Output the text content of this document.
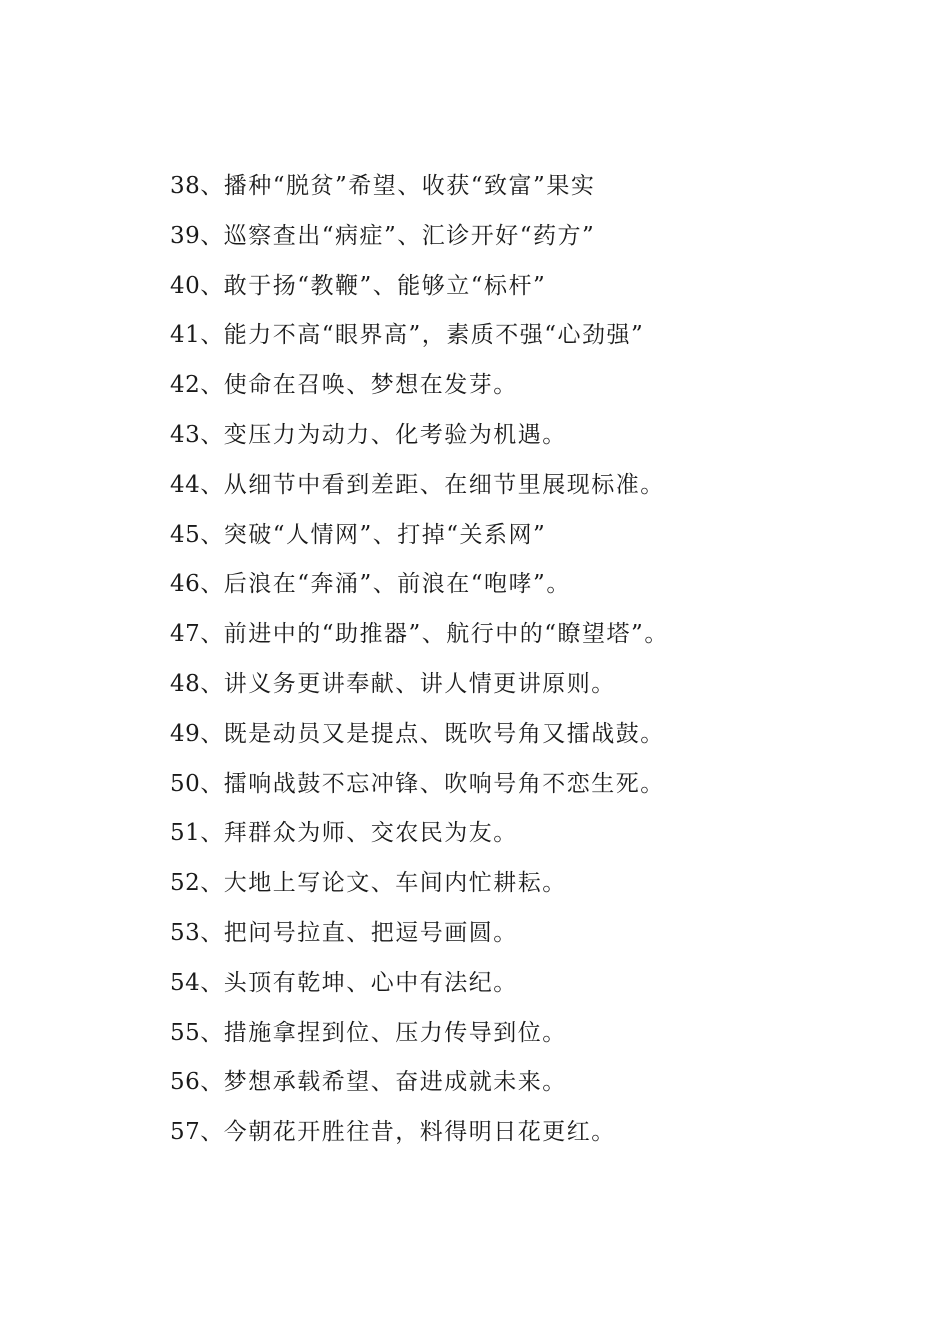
38、播种“脱贫”希望、收获“致富”果实
39、巡察查出“病症”、汇诊开好“药方”
40、敢于扬“教鞭”、能够立“标杆”
41、能力不高“眼界高”，素质不强“心劲强”
42、使命在召唤、梦想在发芽。
43、变压力为动力、化考验为机遇。
44、从细节中看到差距、在细节里展现标准。
45、突破“人情网”、打掉“关系网”
46、后浪在“奔涌”、前浪在“咆哮”。
47、前进中的“助推器”、航行中的“瞭望塔”。
48、讲义务更讲奉献、讲人情更讲原则。
49、既是动员又是提点、既吹号角又擂战鼓。
50、擂响战鼓不忘冲锋、吹响号角不恋生死。
51、拜群众为师、交农民为友。
52、大地上写论文、车间内忙耕耘。
53、把问号拉直、把逗号画圆。
54、头顶有乾坤、心中有法纪。
55、措施拿捏到位、压力传导到位。
56、梦想承载希望、奋进成就未来。
57、今朝花开胜往昔，料得明日花更红。
